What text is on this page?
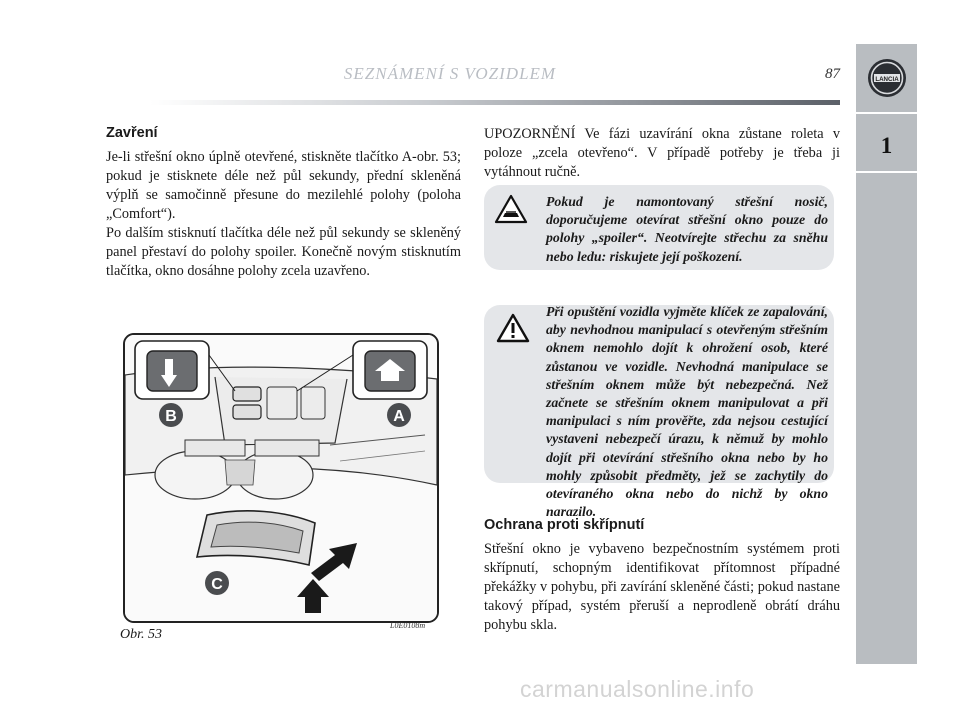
SEZNÁMENÍ S VOZIDLEM	87	LANCIA
1
Zavření

Je-li střešní okno úplně otevřené, stiskněte tlačítko A-obr. 53; pokud je stisknete déle než půl sekundy, přední skleněná výplň se samočinně přesune do mezilehlé polohy (poloha „Comfort“).

Po dalším stisknutí tlačítka déle než půl sekundy se skleněný panel přestaví do polohy spoiler. Konečně novým stisknutím tlačítka, okno dosáhne polohy zcela uzavřeno.

B	A
C
Obr. 53
L0E0108m
UPOZORNĚNÍ Ve fázi uzavírání okna zůstane roleta v poloze „zcela otevřeno“. V případě potřeby je třeba ji vytáhnout ručně.
Pokud je namontovaný střešní nosič, doporučujeme otevírat střešní okno pouze do polohy „spoiler“. Neotvírejte střechu za sněhu nebo ledu: riskujete její poškození.
Při opuštění vozidla vyjměte klíček ze zapalování, aby nevhodnou manipulací s otevřeným střešním oknem nemohlo dojít k ohrožení osob, které zůstanou ve vozidle. Nevhodná manipulace se střešním oknem může být nebezpečná. Než začnete se střešním oknem manipulovat a při manipulaci s ním prověřte, zda nejsou cestující vystaveni nebezpečí úrazu, k němuž by mohlo dojít při otevírání střešního okna nebo by ho mohly způsobit předměty, jež se zachytily do otevíraného okna nebo do nichž by okno narazilo.
Ochrana proti skřípnutí
Střešní okno je vybaveno bezpečnostním systémem proti skřípnutí, schopným identifikovat přítomnost případné překážky v pohybu, při zavírání skleněné části; pokud nastane takový případ, systém přeruší a neprodleně obrátí dráhu pohybu skla.
carmanualsonline.info
